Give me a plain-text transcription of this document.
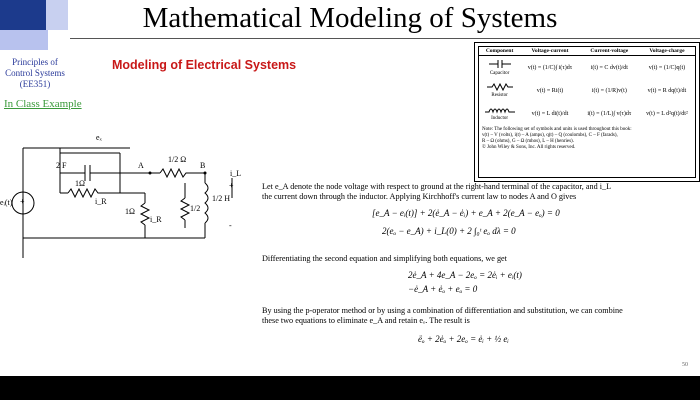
Mathematical Modeling of Systems
Principles of
Control Systems
(EE351)
Modeling of Electrical Systems
In Class Example
Component	Voltage-current	Current-voltage	Voltage-charge

Capacitor	v(t) = (1/C)∫ i(τ)dτ	i(t) = C dv(t)/dt	v(t) = (1/C)q(t)

Resistor	v(t) = Ri(t)	i(t) = (1/R)v(t)	v(t) = R dq(t)/dt

Inductor	v(t) = L di(t)/dt	i(t) = (1/L)∫ v(τ)dτ	v(t) = L d²q(t)/dt²

Note: The following set of symbols and units is used throughout this book:
v(t) – V (volts), i(t) – A (amps), q(t) – Q (coulombs), C – F (farads),
R – Ω (ohms), G – Ω (mhos), L – H (henries).
© John Wiley & Sons, Inc. All rights reserved.			
2 F
eₓ
1Ω
i_R
1/2 Ω
1Ω
i_R
eᵢ(t)
1/2
1/2 H
i_L
A	B
+
+
-
Let e_A denote the node voltage with respect to ground at the right-hand terminal of the capacitor, and i_L
the current down through the inductor. Applying Kirchhoff's current law to nodes A and O gives
[e_A − eᵢ(t)] + 2(ė_A − ėᵢ) + e_A + 2(e_A − eₒ) = 0
2(eₒ − e_A) + i_L(0) + 2 ∫₀ᵗ eₒ dλ = 0
Differentiating the second equation and simplifying both equations, we get
2ė_A + 4e_A − 2eₒ = 2ėᵢ + eᵢ(t)
−ė_A + ėₒ + eₒ = 0
By using the p-operator method or by using a combination of differentiation and substitution, we can combine
these two equations to eliminate e_A and retain eₒ. The result is
ëₒ + 2ėₒ + 2eₒ = ėᵢ + ½ eᵢ
50
